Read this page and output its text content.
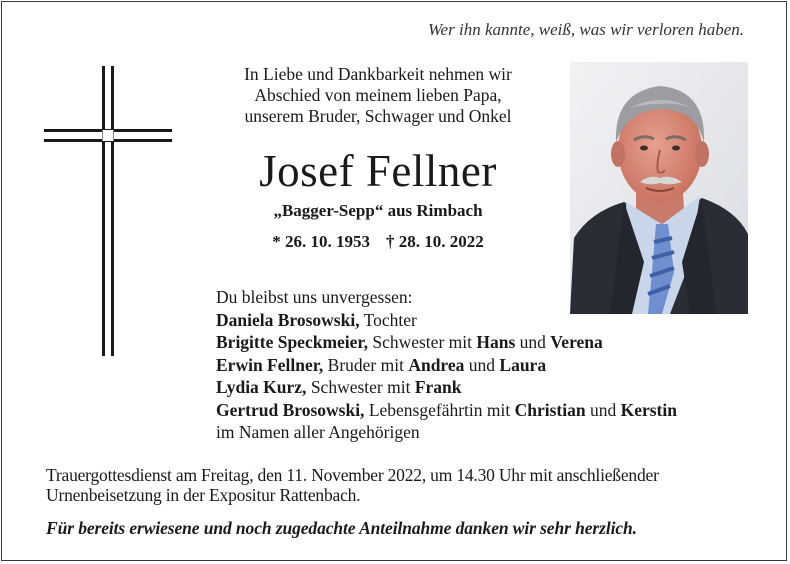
Wer ihn kannte, weiß, was wir verloren haben.
In Liebe und Dankbarkeit nehmen wir
Abschied von meinem lieben Papa,
unserem Bruder, Schwager und Onkel
Josef Fellner
„Bagger-Sepp“ aus Rimbach
* 26. 10. 1953 † 28. 10. 2022
Du bleibst uns unvergessen:
Daniela Brosowski, Tochter
Brigitte Speckmeier, Schwester mit Hans und Verena
Erwin Fellner, Bruder mit Andrea und Laura
Lydia Kurz, Schwester mit Frank
Gertrud Brosowski, Lebensgefährtin mit Christian und Kerstin
im Namen aller Angehörigen
Trauergottesdienst am Freitag, den 11. November 2022, um 14.30 Uhr mit anschließender
Urnenbeisetzung in der Expositur Rattenbach.
Für bereits erwiesene und noch zugedachte Anteilnahme danken wir sehr herzlich.
